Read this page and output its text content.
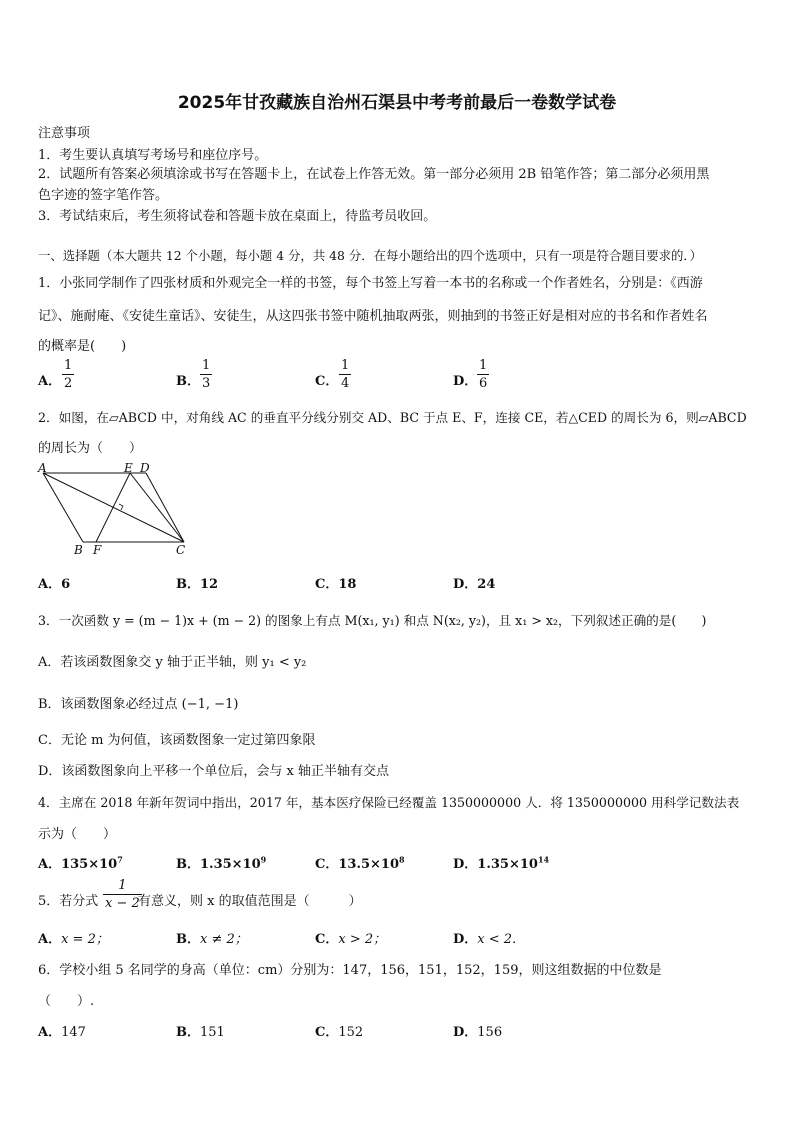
2025年甘孜藏族自治州石渠县中考考前最后一卷数学试卷
注意事项
1．考生要认真填写考场号和座位序号。
2．试题所有答案必须填涂或书写在答题卡上，在试卷上作答无效。第一部分必须用 2B 铅笔作答；第二部分必须用黑
色字迹的签字笔作答。
3．考试结束后，考生须将试卷和答题卡放在桌面上，待监考员收回。
一、选择题（本大题共 12 个小题，每小题 4 分，共 48 分．在每小题给出的四个选项中，只有一项是符合题目要求的．）
1．小张同学制作了四张材质和外观完全一样的书签，每个书签上写着一本书的名称或一个作者姓名，分别是：《西游
记》、施耐庵、《安徒生童话》、安徒生，从这四张书签中随机抽取两张，则抽到的书签正好是相对应的书名和作者姓名
的概率是(　　)
A． $\frac{1}{2}$	B． $\frac{1}{3}$	C． $\frac{1}{4}$	D． $\frac{1}{6}$
2．如图，在▱ABCD 中，对角线 AC 的垂直平分线分别交 AD、BC 于点 E、F，连接 CE，若△CED 的周长为 6，则▱ABCD
的周长为（　　）
A	E D
B F	C
A．6	B．12	C．18	D．24
3．一次函数 y = (m − 1)x + (m − 2) 的图象上有点 M(x₁, y₁) 和点 N(x₂, y₂)，且 x₁ > x₂，下列叙述正确的是(　　)
A．若该函数图象交 y 轴于正半轴，则 y₁ < y₂
B．该函数图象必经过点 (−1, −1)
C．无论 m 为何值，该函数图象一定过第四象限
D．该函数图象向上平移一个单位后，会与 x 轴正半轴有交点
4．主席在 2018 年新年贺词中指出，2017 年，基本医疗保险已经覆盖 1350000000 人．将 1350000000 用科学记数法表
示为（　　）
A．$135\times 10^7$	B．$1.35\times 10^9$	C．$13.5\times 10^8$	D．$1.35\times 10^{14}$
5．若分式 $\frac{1}{x - 2}$
有意义，则 x 的取值范围是（　　　）
A．x = 2；	B．x ≠ 2；	C．x > 2；	D．x < 2．
6．学校小组 5 名同学的身高（单位：cm）分别为：147，156，151，152，159，则这组数据的中位数是
（　　）.
A．147	B．151	C．152	D．156
